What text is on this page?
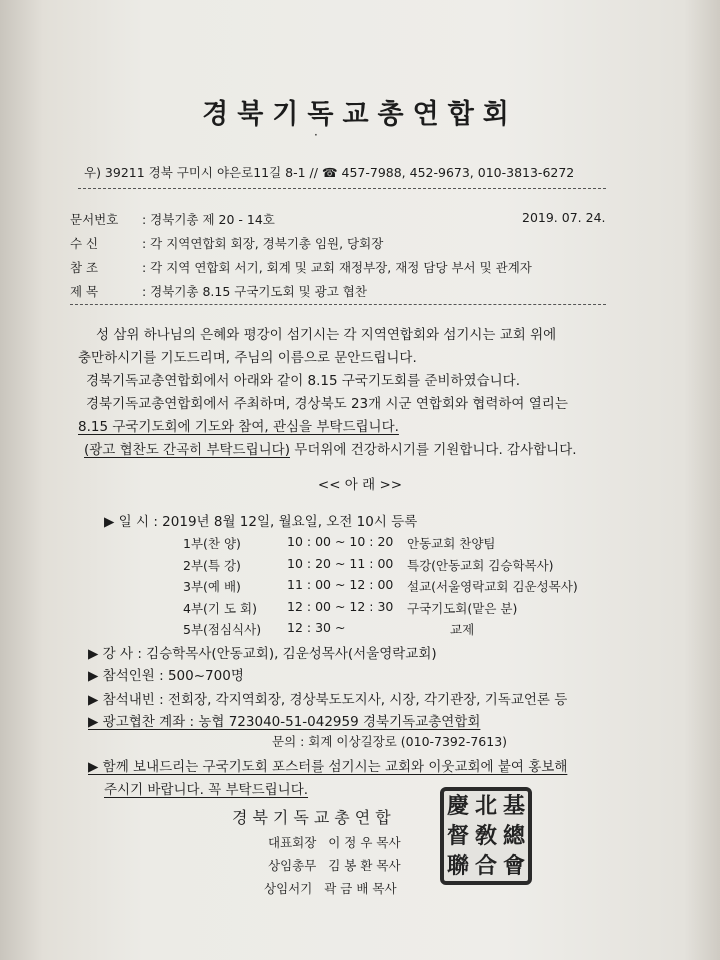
경북기독교총연합회
·
우) 39211 경북 구미시 야은로11길 8-1 // ☎ 457-7988, 452-9673, 010-3813-6272
문서번호 : 경북기총 제 20 - 14호	2019. 07. 24.
수 신	: 각 지역연합회 회장, 경북기총 임원, 당회장
참 조	: 각 지역 연합회 서기, 회계 및 교회 재정부장, 재정 담당 부서 및 관계자
제 목	: 경북기총 8.15 구국기도회 및 광고 협찬
성 삼위 하나님의 은혜와 평강이 섬기시는 각 지역연합회와 섬기시는 교회 위에
충만하시기를 기도드리며, 주님의 이름으로 문안드립니다.
경북기독교총연합회에서 아래와 같이 8.15 구국기도회를 준비하였습니다.
경북기독교총연합회에서 주최하며, 경상북도 23개 시군 연합회와 협력하여 열리는
8.15 구국기도회에 기도와 참여, 관심을 부탁드립니다.
(광고 협찬도 간곡히 부탁드립니다) 무더위에 건강하시기를 기원합니다. 감사합니다.
<< 아 래 >>
▶ 일 시 : 2019년 8월 12일, 월요일, 오전 10시 등록
1부(찬 양)	10 : 00 ~ 10 : 20 안동교회 찬양팀
2부(특 강)	10 : 20 ~ 11 : 00 특강(안동교회 김승학목사)
3부(예 배)	11 : 00 ~ 12 : 00 설교(서울영락교회 김운성목사)
4부(기 도 회) 12 : 00 ~ 12 : 30 구국기도회(맡은 분)
5부(점심식사) 12 : 30 ~	교제
▶ 강 사 : 김승학목사(안동교회), 김운성목사(서울영락교회)
▶ 참석인원 : 500~700명
▶ 참석내빈 : 전회장, 각지역회장, 경상북도도지사, 시장, 각기관장, 기독교언론 등
▶ 광고협찬 계좌 : 농협 723040-51-042959 경북기독교총연합회
문의 : 회계 이상길장로 (010-7392-7613)
▶ 함께 보내드리는 구국기도회 포스터를 섬기시는 교회와 이웃교회에 붙여 홍보해
주시기 바랍니다. 꼭 부탁드립니다.
경북기독교총연합
대표회장 이 정 우 목사
상임총무 김 봉 환 목사
상임서기 곽 금 배 목사
慶 北 基
督 敎 總
聯 合 會
